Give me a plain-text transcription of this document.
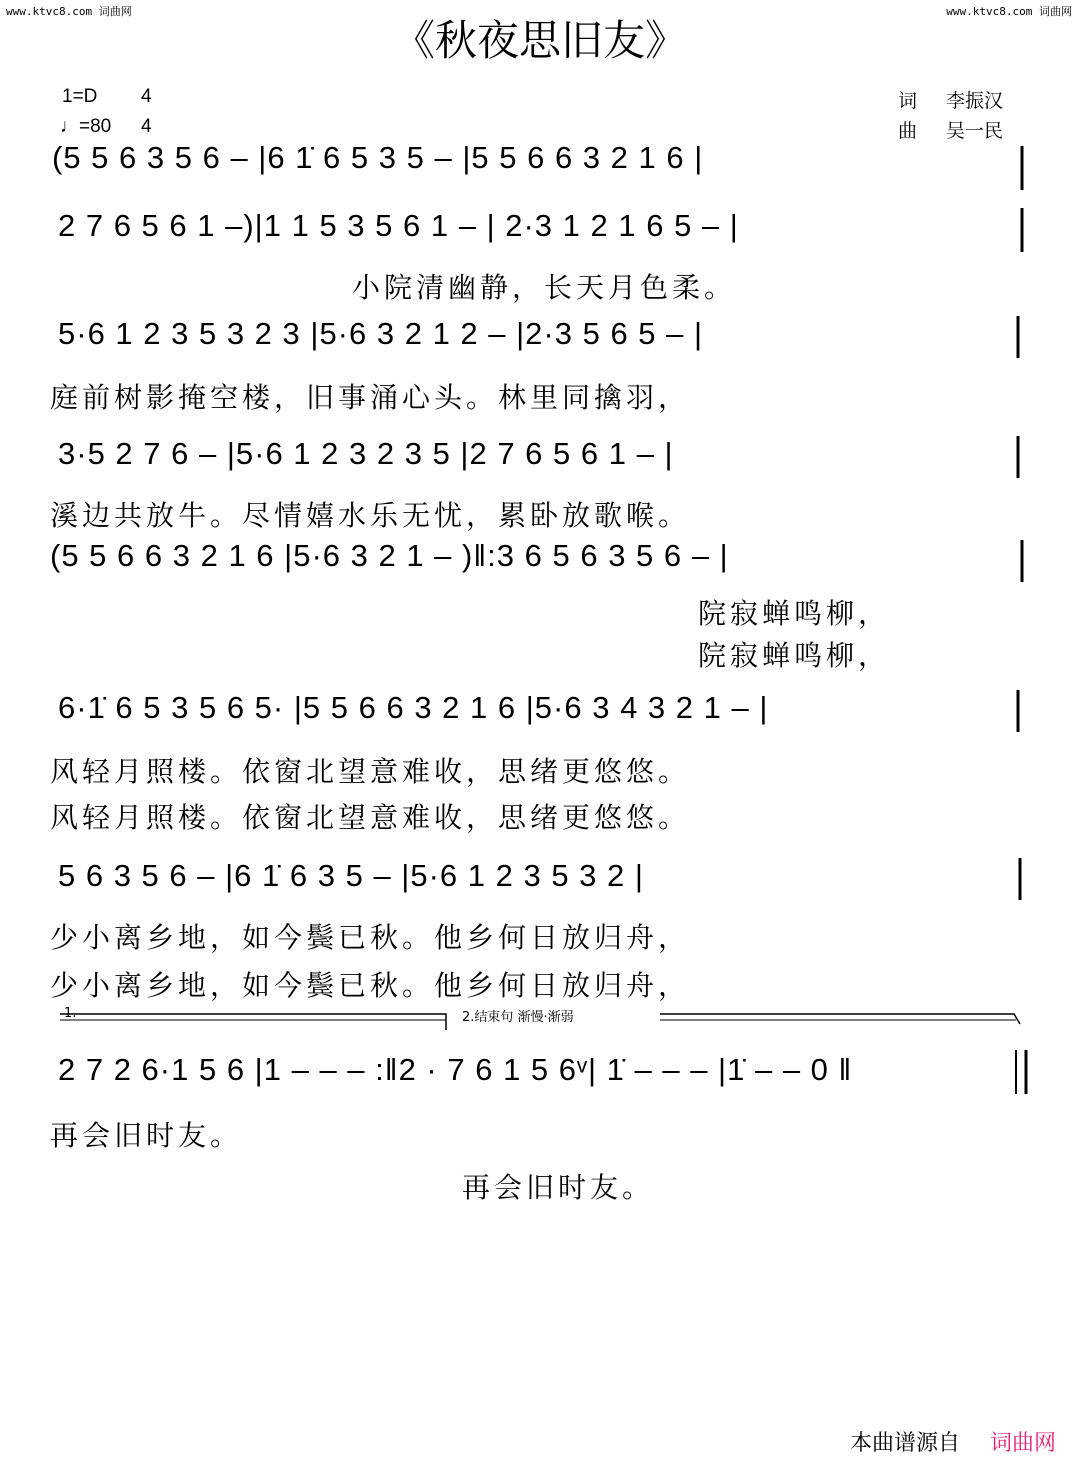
www.ktvc8.com 词曲网	www.ktvc8.com 词曲网
《秋夜思旧友》
1=D
♩=80
4
4
词 李振汉
曲 吴一民
(5 5 6 3 5 6 – |6 1̇ 6 5 3 5 – |5 5 6 6 3 2 1 6 |
2 7 6 5 6 1 –)|1 1 5 3 5 6 1 – | 2·3 1 2 1 6 5 – |
小院清幽静，长天月色柔。
5·6 1 2 3 5 3 2 3 |5·6 3 2 1 2 – |2·3 5 6 5 – |
庭前树影掩空楼，旧事涌心头。林里同擒羽，
3·5 2 7 6 – |5·6 1 2 3 2 3 5 |2 7 6 5 6 1 – |
溪边共放牛。尽情嬉水乐无忧，累卧放歌喉。
(5 5 6 6 3 2 1 6 |5·6 3 2 1 – )‖:3 6 5 6 3 5 6 – |
院寂蝉鸣柳，
院寂蝉鸣柳，
6·1̇ 6 5 3 5 6 5· |5 5 6 6 3 2 1 6 |5·6 3 4 3 2 1 – |
风轻月照楼。依窗北望意难收，思绪更悠悠。
风轻月照楼。依窗北望意难收，思绪更悠悠。
5 6 3 5 6 – |6 1̇ 6 3 5 – |5·6 1 2 3 5 3 2 |
少小离乡地，如今鬓已秋。他乡何日放归舟，
少小离乡地，如今鬓已秋。他乡何日放归舟，
1.	2.结束句 渐慢·渐弱
2 7 2 6·1 5 6 |1 – – – :‖2 · 7 6 1 5 6ᵛ| 1̇ – – – |1̇ – – 0 ‖
再会旧时友。
再会旧时友。
本曲谱源自 词曲网
